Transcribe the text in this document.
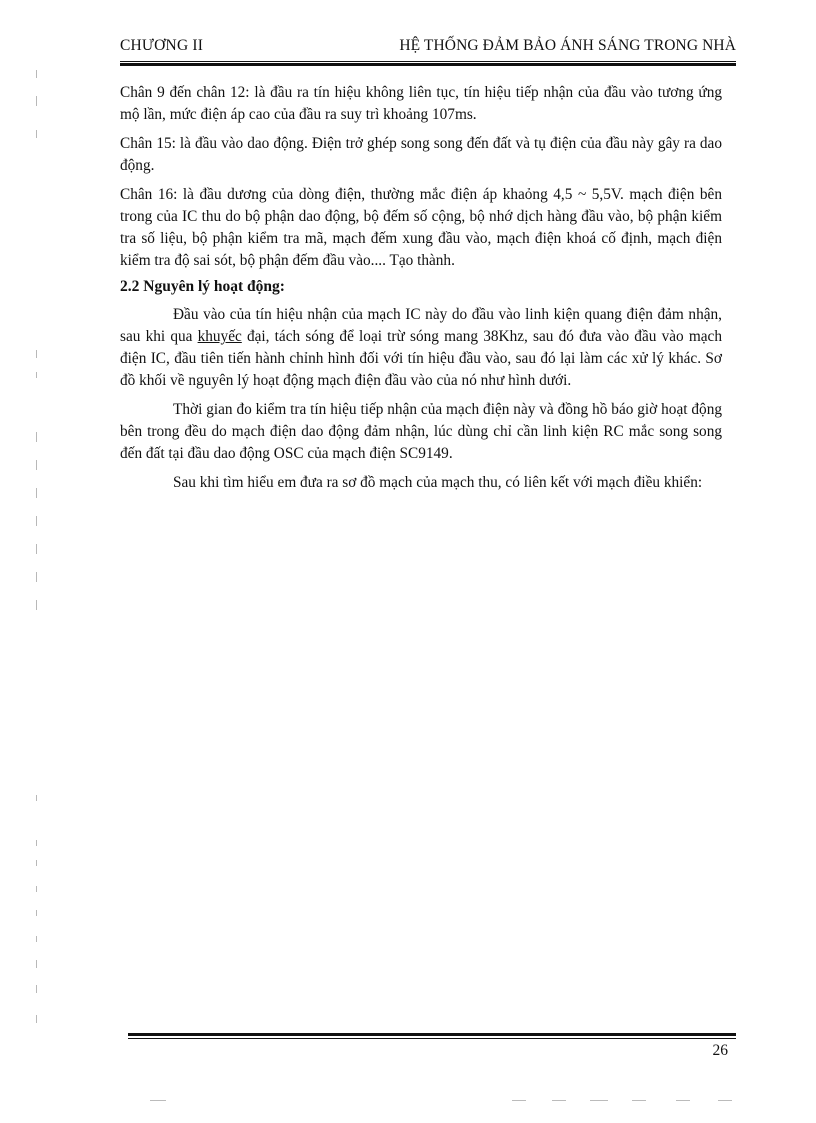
CHƯƠNG II	HỆ THỐNG ĐẢM BẢO ÁNH SÁNG TRONG NHÀ

Chân 9 đến chân 12: là đầu ra tín hiệu không liên tục, tín hiệu tiếp nhận của đầu vào tương ứng mộ lần, mức điện áp cao của đầu ra suy trì khoảng 107ms.

Chân 15: là đầu vào dao động. Điện trở ghép song song đến đất và tụ điện của đầu này gây ra dao động.

Chân 16: là đầu dương của dòng điện, thường mắc điện áp khaỏng 4,5 ~ 5,5V. mạch điện bên trong của IC thu do bộ phận dao động, bộ đếm số cộng, bộ nhớ dịch hàng đầu vào, bộ phận kiểm tra số liệu, bộ phận kiểm tra mã, mạch đếm xung đầu vào, mạch điện khoá cố định, mạch điện kiểm tra độ sai sót, bộ phận đếm đầu vào.... Tạo thành.

2.2 Nguyên lý hoạt động:

Đầu vào của tín hiệu nhận của mạch IC này do đầu vào linh kiện quang điện đảm nhận, sau khi qua khuyếc đại, tách sóng để loại trừ sóng mang 38Khz, sau đó đưa vào đầu vào mạch điện IC, đầu tiên tiến hành chỉnh hình đối với tín hiệu đầu vào, sau đó lại làm các xử lý khác. Sơ đồ khối về nguyên lý hoạt động mạch điện đầu vào của nó như hình dưới.

Thời gian đo kiểm tra tín hiệu tiếp nhận của mạch điện này và đồng hồ báo giờ hoạt động bên trong đều do mạch điện dao động đảm nhận, lúc dùng chỉ cần linh kiện RC mắc song song đến đất tại đầu dao động OSC của mạch điện SC9149.

Sau khi tìm hiểu em đưa ra sơ đồ mạch của mạch thu, có liên kết với mạch điều khiển:

26
